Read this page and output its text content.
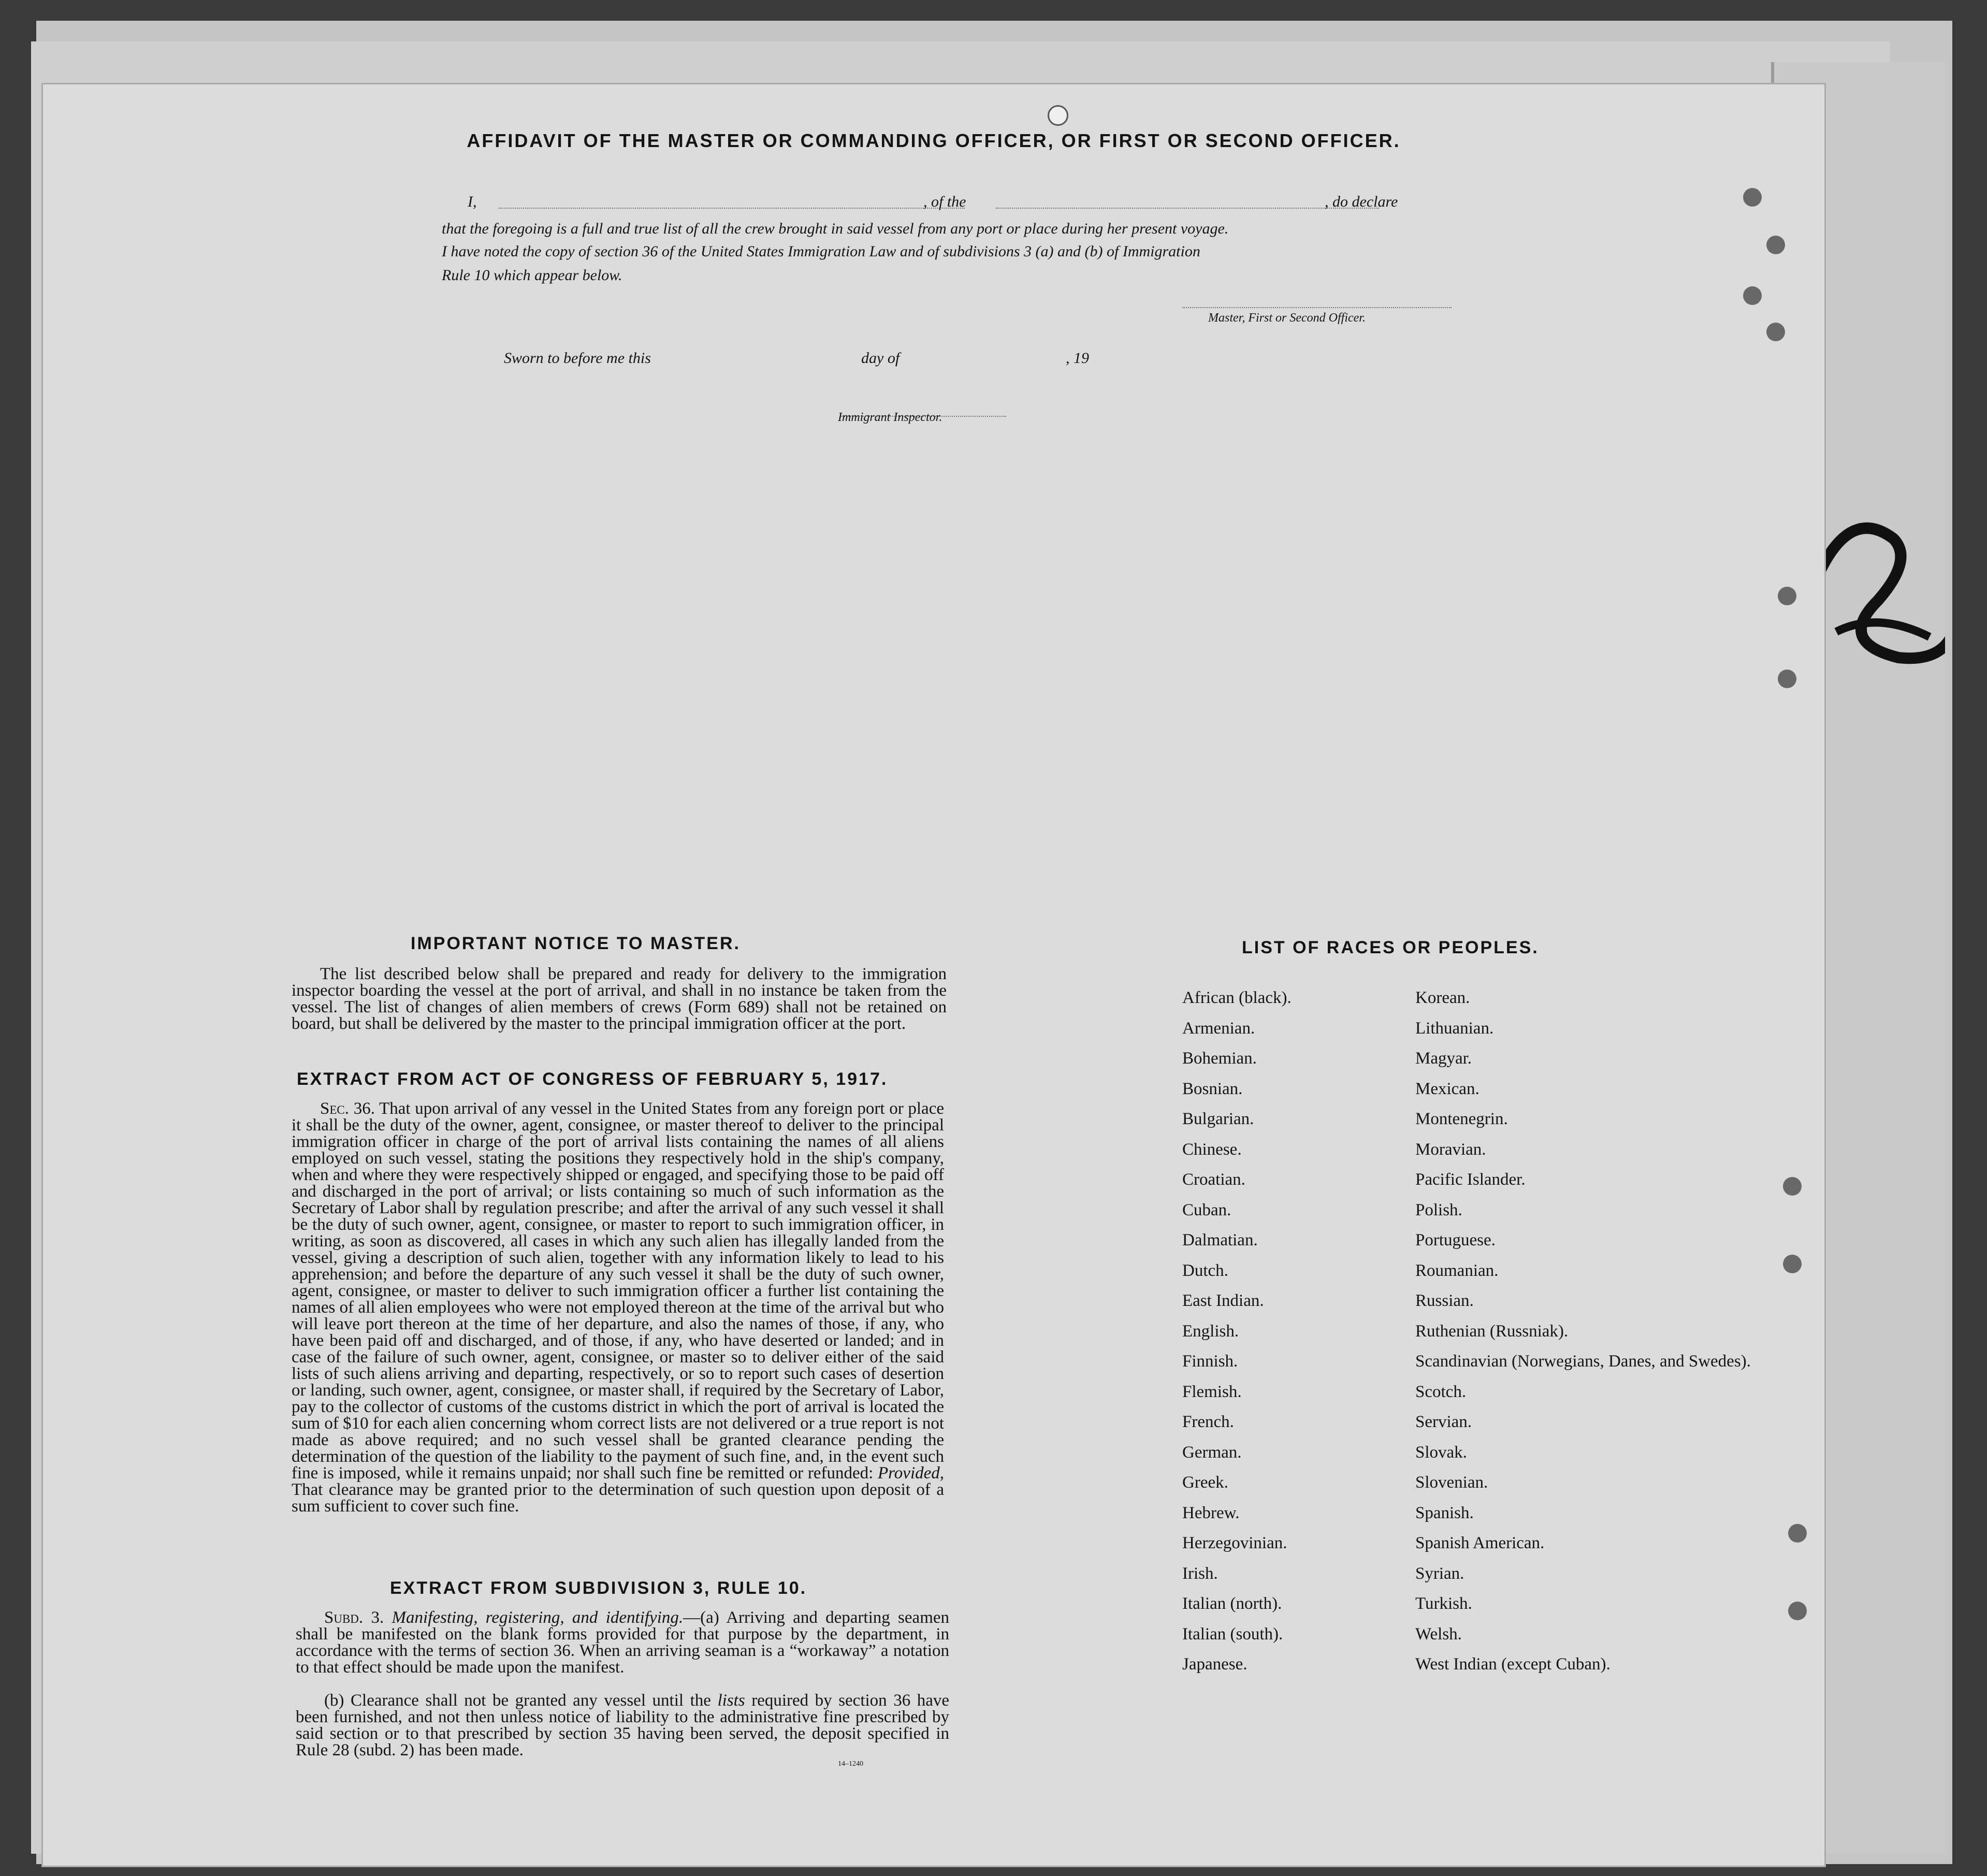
AFFIDAVIT OF THE MASTER OR COMMANDING OFFICER, OR FIRST OR SECOND OFFICER.
I,	, of the	, do declare
that the foregoing is a full and true list of all the crew brought in said vessel from any port or place during her present voyage.
I have noted the copy of section 36 of the United States Immigration Law and of subdivisions 3 (a) and (b) of Immigration
Rule 10 which appear below.
Master, First or Second Officer.
Sworn to before me this	day of	, 19
Immigrant Inspector.
IMPORTANT NOTICE TO MASTER.
The list described below shall be prepared and ready for delivery to the immigration inspector boarding the vessel at the port of arrival, and shall in no instance be taken from the vessel. The list of changes of alien members of crews (Form 689) shall not be retained on board, but shall be delivered by the master to the principal immigration officer at the port.
EXTRACT FROM ACT OF CONGRESS OF FEBRUARY 5, 1917.
Sec. 36. That upon arrival of any vessel in the United States from any foreign port or place it shall be the duty of the owner, agent, consignee, or master thereof to deliver to the principal immigration officer in charge of the port of arrival lists containing the names of all aliens employed on such vessel, stating the positions they respectively hold in the ship's company, when and where they were respectively shipped or engaged, and specifying those to be paid off and discharged in the port of arrival; or lists containing so much of such information as the Secretary of Labor shall by regulation prescribe; and after the arrival of any such vessel it shall be the duty of such owner, agent, consignee, or master to report to such immigration officer, in writing, as soon as discovered, all cases in which any such alien has illegally landed from the vessel, giving a description of such alien, together with any information likely to lead to his apprehension; and before the departure of any such vessel it shall be the duty of such owner, agent, consignee, or master to deliver to such immigration officer a further list containing the names of all alien employees who were not employed thereon at the time of the arrival but who will leave port thereon at the time of her departure, and also the names of those, if any, who have been paid off and discharged, and of those, if any, who have deserted or landed; and in case of the failure of such owner, agent, consignee, or master so to deliver either of the said lists of such aliens arriving and departing, respectively, or so to report such cases of desertion or landing, such owner, agent, consignee, or master shall, if required by the Secretary of Labor, pay to the collector of customs of the customs district in which the port of arrival is located the sum of $10 for each alien concerning whom correct lists are not delivered or a true report is not made as above required; and no such vessel shall be granted clearance pending the determination of the question of the liability to the payment of such fine, and, in the event such fine is imposed, while it remains unpaid; nor shall such fine be remitted or refunded: Provided, That clearance may be granted prior to the determination of such question upon deposit of a sum sufficient to cover such fine.
EXTRACT FROM SUBDIVISION 3, RULE 10.
Subd. 3. Manifesting, registering, and identifying.—(a) Arriving and departing seamen shall be manifested on the blank forms provided for that purpose by the department, in accordance with the terms of section 36. When an arriving seaman is a “workaway” a notation to that effect should be made upon the manifest.
(b) Clearance shall not be granted any vessel until the lists required by section 36 have been furnished, and not then unless notice of liability to the administrative fine prescribed by said section or to that prescribed by section 35 having been served, the deposit specified in Rule 28 (subd. 2) has been made.
14–1240
LIST OF RACES OR PEOPLES.
African (black).
Armenian.
Bohemian.
Bosnian.
Bulgarian.
Chinese.
Croatian.
Cuban.
Dalmatian.
Dutch.
East Indian.
English.
Finnish.
Flemish.
French.
German.
Greek.
Hebrew.
Herzegovinian.
Irish.
Italian (north).
Italian (south).
Japanese.
Korean.
Lithuanian.
Magyar.
Mexican.
Montenegrin.
Moravian.
Pacific Islander.
Polish.
Portuguese.
Roumanian.
Russian.
Ruthenian (Russniak).
Scandinavian (Norwegians, Danes, and Swedes).
Scotch.
Servian.
Slovak.
Slovenian.
Spanish.
Spanish American.
Syrian.
Turkish.
Welsh.
West Indian (except Cuban).
